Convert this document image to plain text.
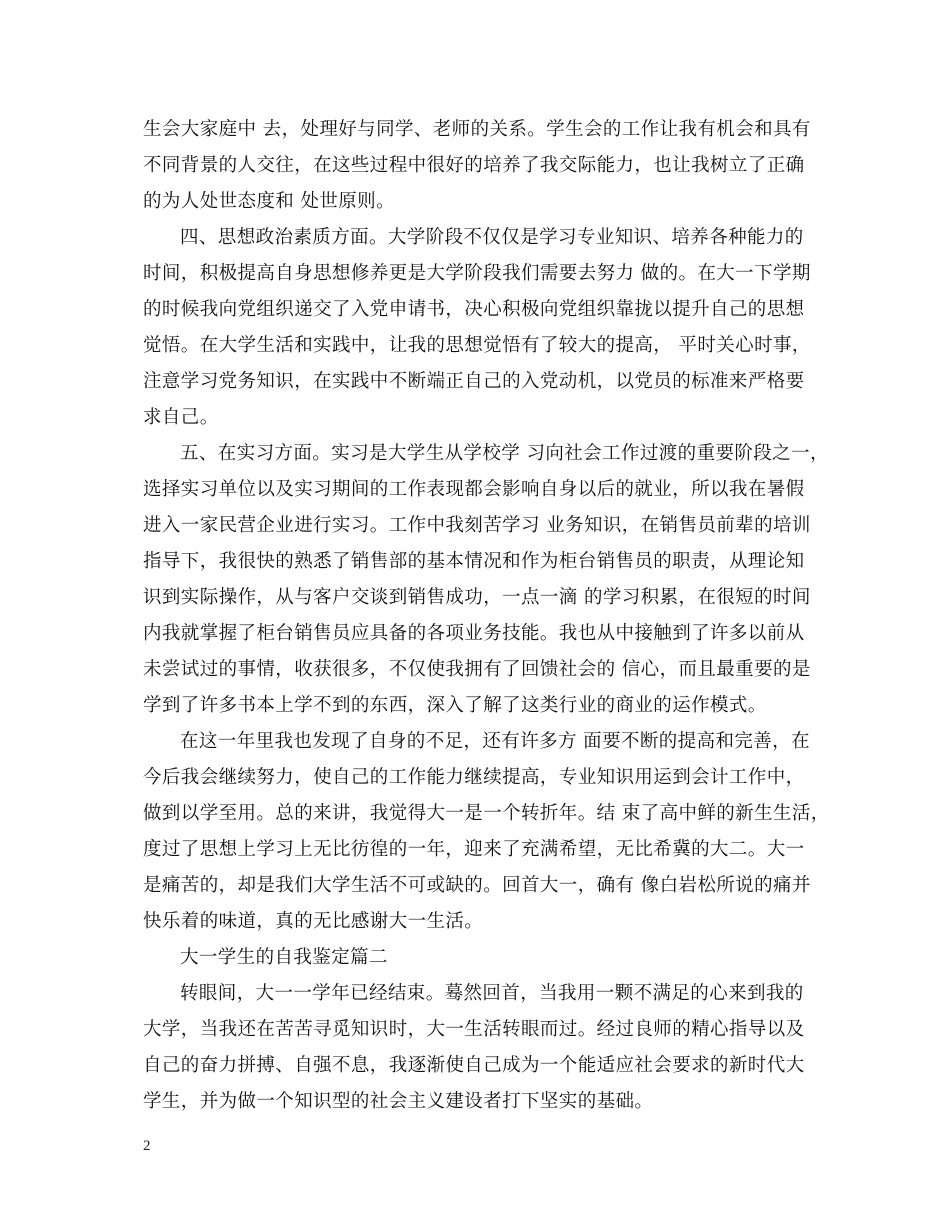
生会大家庭中 去，处理好与同学、老师的关系。学生会的工作让我有机会和具有
不同背景的人交往，在这些过程中很好的培养了我交际能力，也让我树立了正确
的为人处世态度和 处世原则。
四、思想政治素质方面。大学阶段不仅仅是学习专业知识、培养各种能力的
时间，积极提高自身思想修养更是大学阶段我们需要去努力 做的。在大一下学期
的时候我向党组织递交了入党申请书，决心积极向党组织靠拢以提升自己的思想
觉悟。在大学生活和实践中，让我的思想觉悟有了较大的提高， 平时关心时事，
注意学习党务知识，在实践中不断端正自己的入党动机，以党员的标准来严格要
求自己。
五、在实习方面。实习是大学生从学校学 习向社会工作过渡的重要阶段之一，
选择实习单位以及实习期间的工作表现都会影响自身以后的就业，所以我在暑假
进入一家民营企业进行实习。工作中我刻苦学习 业务知识，在销售员前辈的培训
指导下，我很快的熟悉了销售部的基本情况和作为柜台销售员的职责，从理论知
识到实际操作，从与客户交谈到销售成功，一点一滴 的学习积累，在很短的时间
内我就掌握了柜台销售员应具备的各项业务技能。我也从中接触到了许多以前从
未尝试过的事情，收获很多，不仅使我拥有了回馈社会的 信心，而且最重要的是
学到了许多书本上学不到的东西，深入了解了这类行业的商业的运作模式。
在这一年里我也发现了自身的不足，还有许多方 面要不断的提高和完善，在
今后我会继续努力，使自己的工作能力继续提高，专业知识用运到会计工作中，
做到以学至用。总的来讲，我觉得大一是一个转折年。结 束了高中鲜的新生生活，
度过了思想上学习上无比彷徨的一年，迎来了充满希望，无比希冀的大二。大一
是痛苦的，却是我们大学生活不可或缺的。回首大一，确有 像白岩松所说的痛并
快乐着的味道，真的无比感谢大一生活。
大一学生的自我鉴定篇二
转眼间，大一一学年已经结束。蓦然回首，当我用一颗不满足的心来到我的
大学，当我还在苦苦寻觅知识时，大一生活转眼而过。经过良师的精心指导以及
自己的奋力拼搏、自强不息，我逐渐使自己成为一个能适应社会要求的新时代大
学生，并为做一个知识型的社会主义建设者打下坚实的基础。
2
